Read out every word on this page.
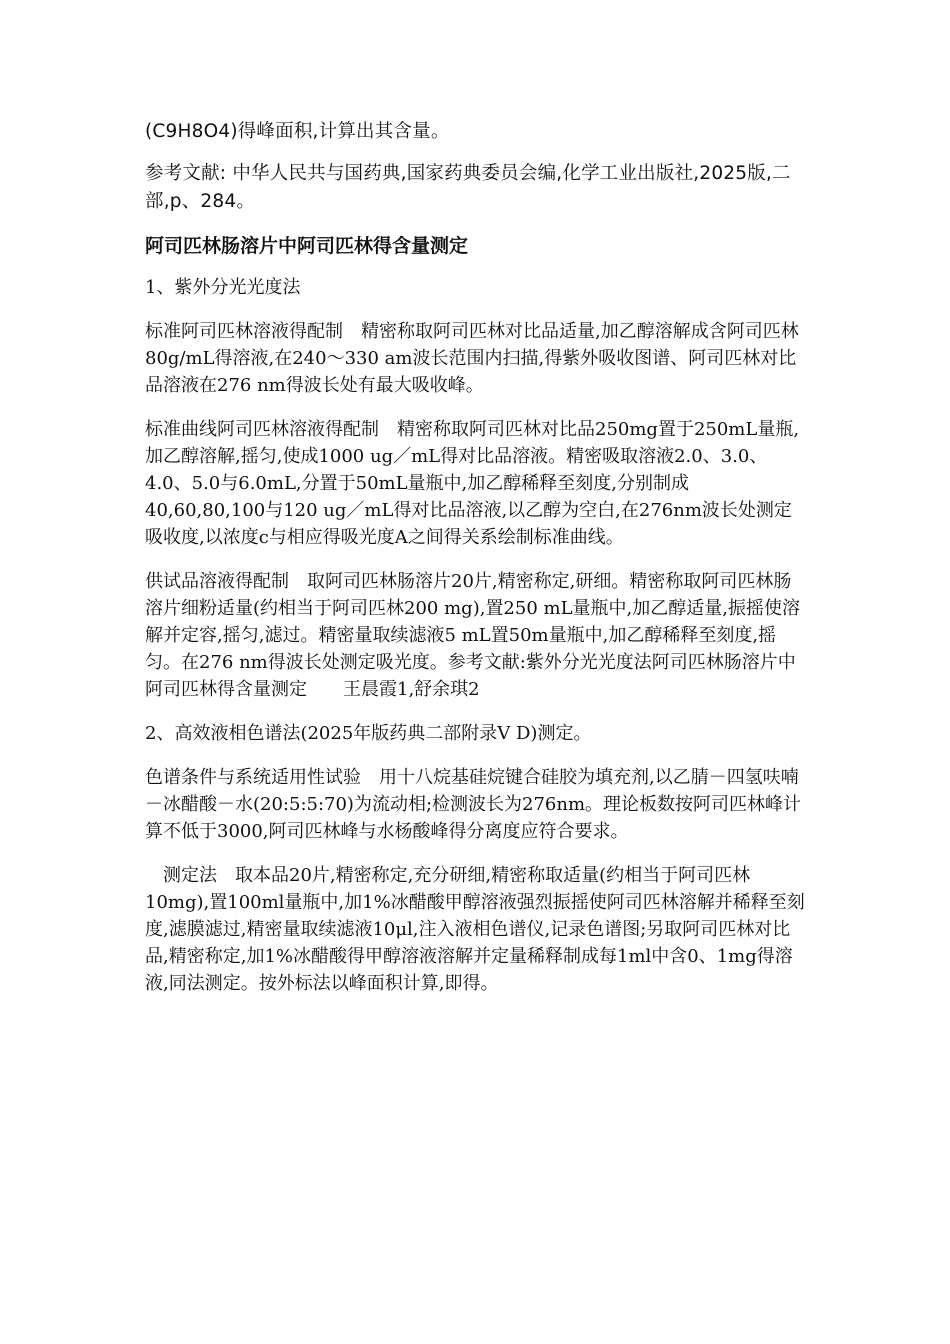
(C9H8O4)得峰面积,计算出其含量。

参考文献: 中华人民共与国药典,国家药典委员会编,化学工业出版社,2025版,二部,p、284。

阿司匹林肠溶片中阿司匹林得含量测定

1、紫外分光光度法

标准阿司匹林溶液得配制　精密称取阿司匹林对比品适量,加乙醇溶解成含阿司匹林80g/mL得溶液,在240～330 am波长范围内扫描,得紫外吸收图谱、阿司匹林对比品溶液在276 nm得波长处有最大吸收峰。

标准曲线阿司匹林溶液得配制　精密称取阿司匹林对比品250mg置于250mL量瓶,加乙醇溶解,摇匀,使成1000 ug／mL得对比品溶液。精密吸取溶液2.0、3.0、4.0、5.0与6.0mL,分置于50mL量瓶中,加乙醇稀释至刻度,分别制成40,60,80,100与120 ug／mL得对比品溶液,以乙醇为空白,在276nm波长处测定吸收度,以浓度c与相应得吸光度A之间得关系绘制标准曲线。

供试品溶液得配制　取阿司匹林肠溶片20片,精密称定,研细。精密称取阿司匹林肠溶片细粉适量(约相当于阿司匹林200 mg),置250 mL量瓶中,加乙醇适量,振摇使溶解并定容,摇匀,滤过。精密量取续滤液5 mL置50m量瓶中,加乙醇稀释至刻度,摇匀。在276 nm得波长处测定吸光度。参考文献:紫外分光光度法阿司匹林肠溶片中阿司匹林得含量测定　　王晨霞1,舒余琪2

2、高效液相色谱法(2025年版药典二部附录Ⅴ D)测定。

色谱条件与系统适用性试验　用十八烷基硅烷键合硅胶为填充剂,以乙腈－四氢呋喃－冰醋酸－水(20:5:5:70)为流动相;检测波长为276nm。理论板数按阿司匹林峰计算不低于3000,阿司匹林峰与水杨酸峰得分离度应符合要求。

　测定法　取本品20片,精密称定,充分研细,精密称取适量(约相当于阿司匹林10mg),置100ml量瓶中,加1%冰醋酸甲醇溶液强烈振摇使阿司匹林溶解并稀释至刻度,滤膜滤过,精密量取续滤液10μl,注入液相色谱仪,记录色谱图;另取阿司匹林对比品,精密称定,加1%冰醋酸得甲醇溶液溶解并定量稀释制成每1ml中含0、1mg得溶液,同法测定。按外标法以峰面积计算,即得。
